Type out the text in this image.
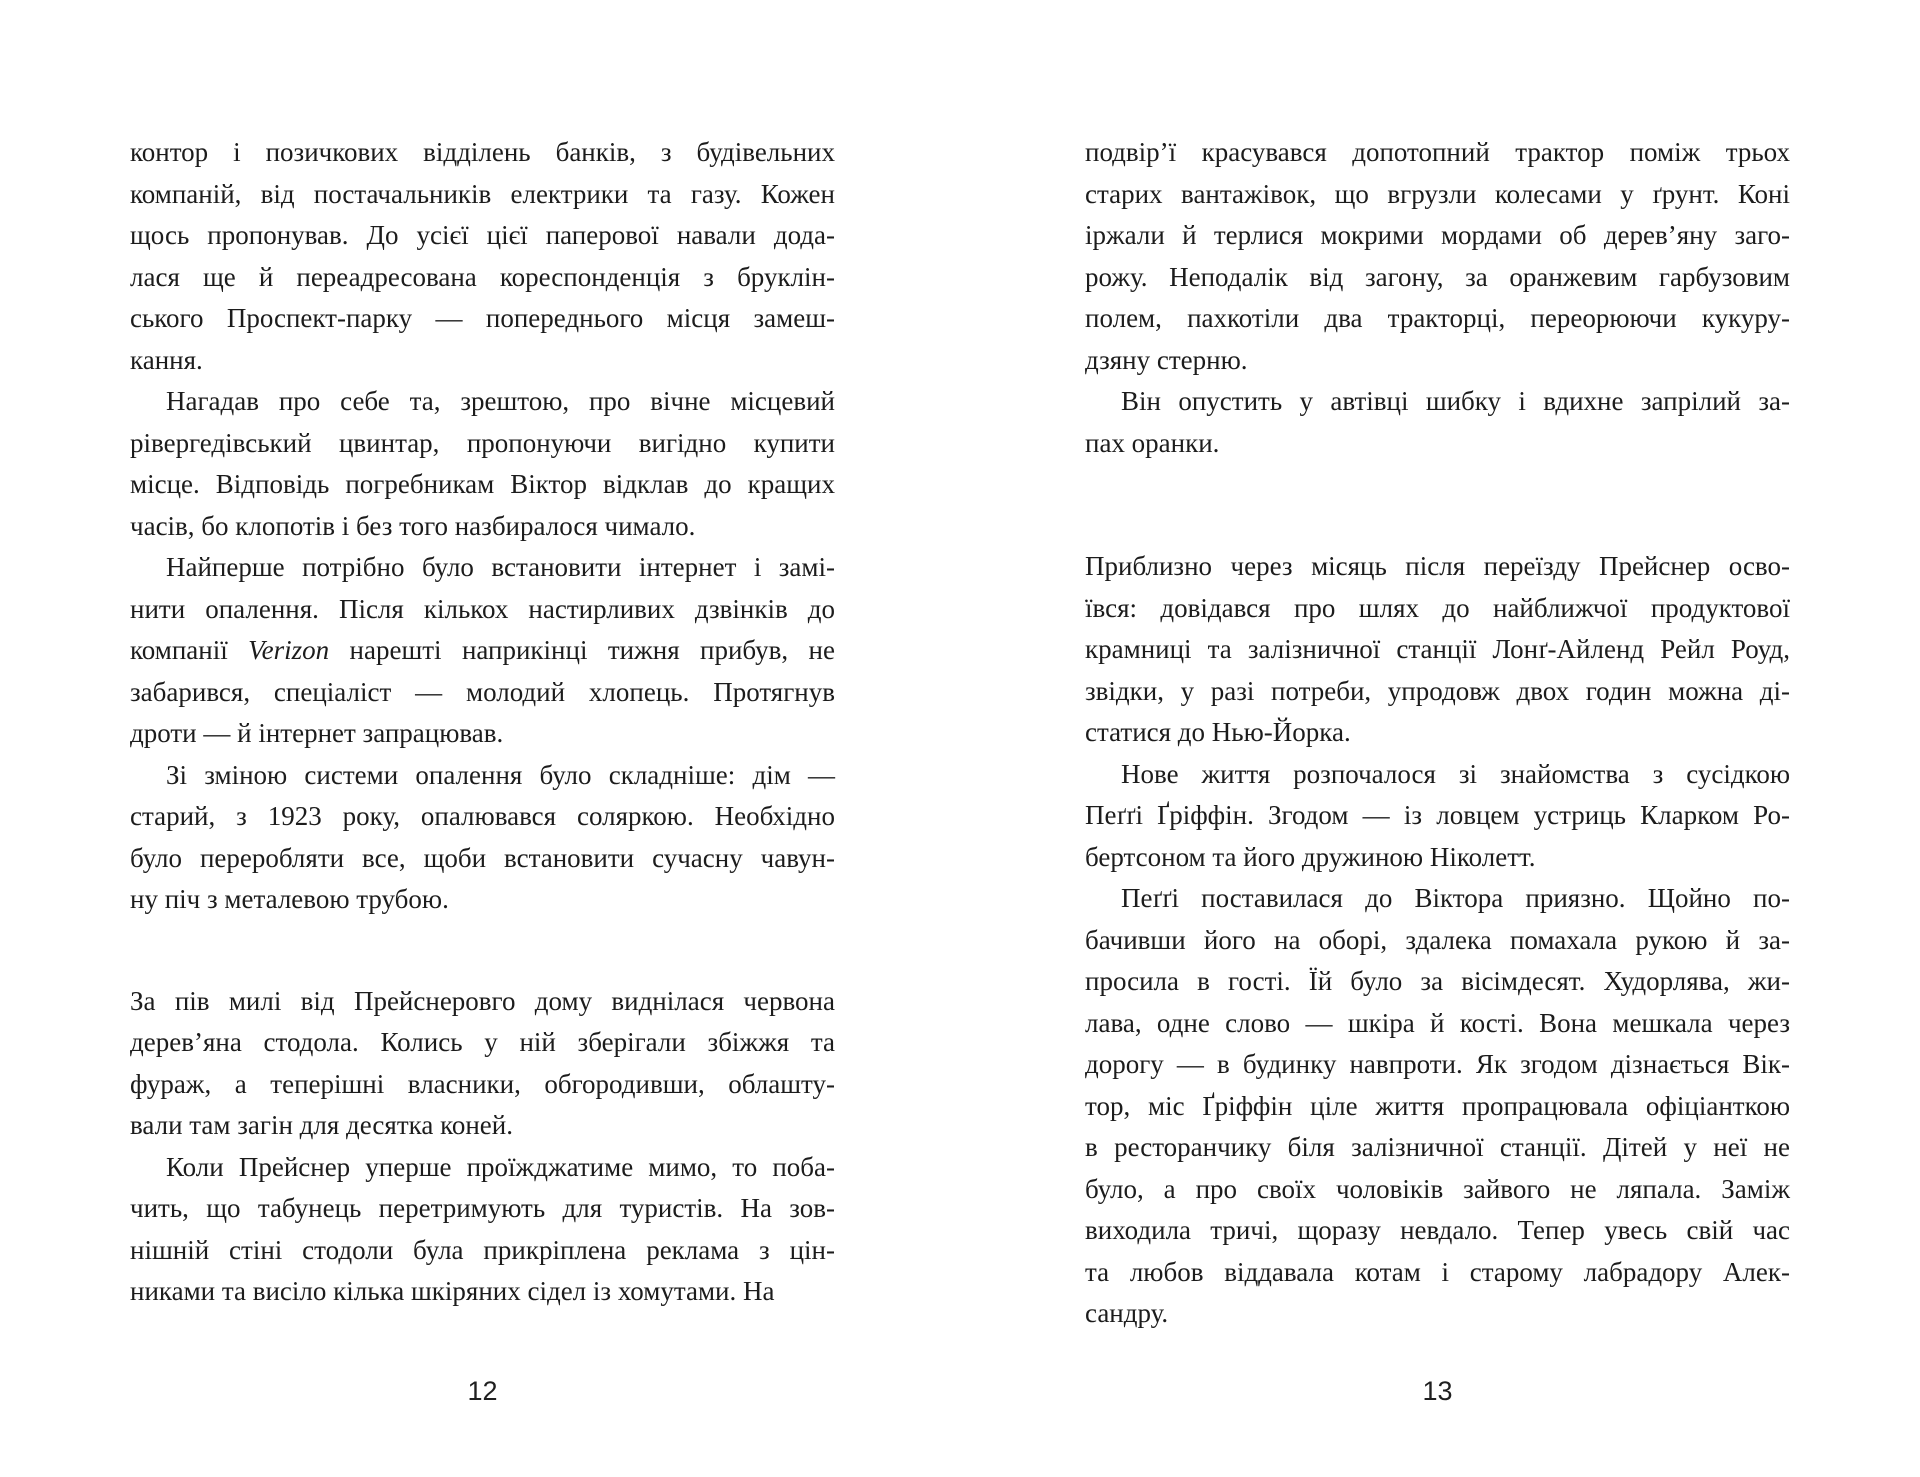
контор і позичкових відділень банків, з будівельних
компаній, від постачальників електрики та газу. Кожен
щось пропонував. До усієї цієї паперової навали дода-
лася ще й переадресована кореспонденція з бруклін-
ського Проспект-парку — попереднього місця замеш-
кання.
Нагадав про себе та, зрештою, про вічне місцевий
рівергедівський цвинтар, пропонуючи вигідно купити
місце. Відповідь погребникам Віктор відклав до кращих
часів, бо клопотів і без того назбиралося чимало.
Найперше потрібно було встановити інтернет і замі-
нити опалення. Після кількох настирливих дзвінків до
компанії Verizon нарешті наприкінці тижня прибув, не
забарився, спеціаліст — молодий хлопець. Протягнув
дроти — й інтернет запрацював.
Зі зміною системи опалення було складніше: дім —
старий, з 1923 року, опалювався соляркою. Необхідно
було переробляти все, щоби встановити сучасну чавун-
ну піч з металевою трубою.
За пів милі від Прейснеровго дому виднілася червона
дерев’яна стодола. Колись у ній зберігали збіжжя та
фураж, а теперішні власники, обгородивши, облашту-
вали там загін для десятка коней.
Коли Прейснер уперше проїжджатиме мимо, то поба-
чить, що табунець перетримують для туристів. На зов-
нішній стіні стодоли була прикріплена реклама з цін-
никами та висіло кілька шкіряних сідел із хомутами. На
12
подвір’ї красувався допотопний трактор поміж трьох
старих вантажівок, що вгрузли колесами у ґрунт. Коні
іржали й терлися мокрими мордами об дерев’яну заго-
рожу. Неподалік від загону, за оранжевим гарбузовим
полем, пахкотіли два тракторці, переорюючи кукуру-
дзяну стерню.
Він опустить у автівці шибку і вдихне запрілий за-
пах оранки.
Приблизно через місяць після переїзду Прейснер осво-
ївся: довідався про шлях до найближчої продуктової
крамниці та залізничної станції Лонґ-Айленд Рейл Роуд,
звідки, у разі потреби, упродовж двох годин можна ді-
статися до Нью-Йорка.
Нове життя розпочалося зі знайомства з сусідкою
Пеґґі Ґріффін. Згодом — із ловцем устриць Кларком Ро-
бертсоном та його дружиною Ніколетт.
Пеґґі поставилася до Віктора приязно. Щойно по-
бачивши його на оборі, здалека помахала рукою й за-
просила в гості. Їй було за вісімдесят. Худорлява, жи-
лава, одне слово — шкіра й кості. Вона мешкала через
дорогу — в будинку навпроти. Як згодом дізнається Вік-
тор, міс Ґріффін ціле життя пропрацювала офіціанткою
в ресторанчику біля залізничної станції. Дітей у неї не
було, а про своїх чоловіків зайвого не ляпала. Заміж
виходила тричі, щоразу невдало. Тепер увесь свій час
та любов віддавала котам і старому лабрадору Алек-
сандру.
13
